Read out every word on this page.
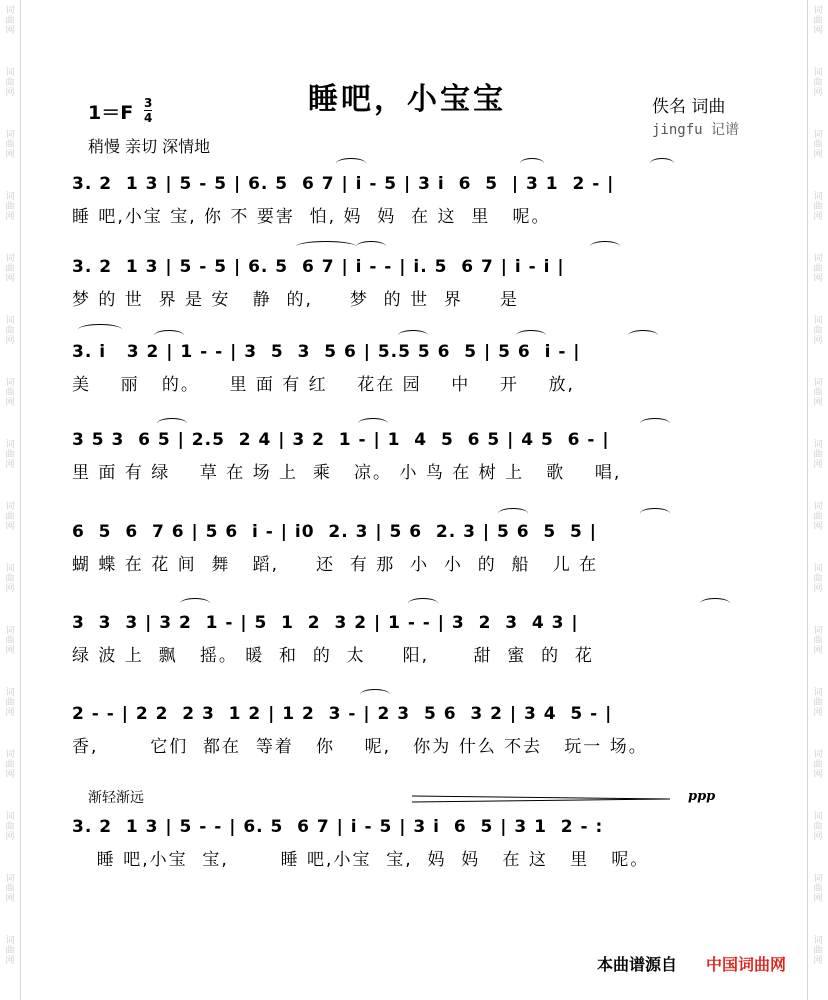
词
曲
网
词
曲
网
词
曲
网
词
曲
网
词
曲
网
词
曲
网
词
曲
网
词
曲
网
词
曲
网
词
曲
网
词
曲
网
词
曲
网
词
曲
网
词
曲
网
词
曲
网
词
曲
网
词
曲
网
词
曲
网
词
曲
网
词
曲
网
词
曲
网
词
曲
网
词
曲
网
词
曲
网
词
曲
网
词
曲
网
词
曲
网
词
曲
网
词
曲
网
词
曲
网
词
曲
网
词
曲
网
睡吧，小宝宝
1＝F 3
4
稍慢 亲切 深情地
佚名 词曲
jingfu 记谱
3. 2  1 3 | 5 - 5 | 6. 5  6 7 | i - 5 | 3 i  6  5  | 3 1  2 - |
睡 吧,小宝 宝, 你 不 要害  怕, 妈  妈  在 这  里   呢。
3. 2  1 3 | 5 - 5 | 6. 5  6 7 | i - - | i. 5  6 7 | i - i |
梦 的 世  界 是 安   静  的,     梦  的 世  界     是
3. i   3 2 | 1 - - | 3  5  3  5 6 | 5.5 5 6  5 | 5 6  i - |
美    丽   的。    里 面 有 红    花在 园    中    开    放,
3 5 3  6 5 | 2.5  2 4 | 3 2  1 - | 1  4  5  6 5 | 4 5  6 - |
里 面 有 绿    草 在 场 上  乘   凉。 小 鸟 在 树 上   歌    唱,
6  5  6  7 6 | 5 6  i - | i0  2. 3 | 5 6  2. 3 | 5 6  5  5 |
蝴 蝶 在 花 间  舞   蹈,     还  有 那  小  小  的  船   儿 在
3  3  3 | 3 2  1 - | 5  1  2  3 2 | 1 - - | 3  2  3  4 3 |
绿 波 上  飘   摇。 暖  和  的  太     阳,      甜  蜜  的  花
2 - - | 2 2  2 3  1 2 | 1 2  3 - | 2 3  5 6  3 2 | 3 4  5 - |
香,       它们  都在  等着   你    呢,   你为 什么 不去   玩一 场。
3. 2  1 3 | 5 - - | 6. 5  6 7 | i - 5 | 3 i  6  5 | 3 1  2 - :
睡 吧,小宝  宝,       睡 吧,小宝  宝,  妈  妈   在 这   里   呢。
渐轻渐远	ppp
本曲谱源自 中国词曲网
